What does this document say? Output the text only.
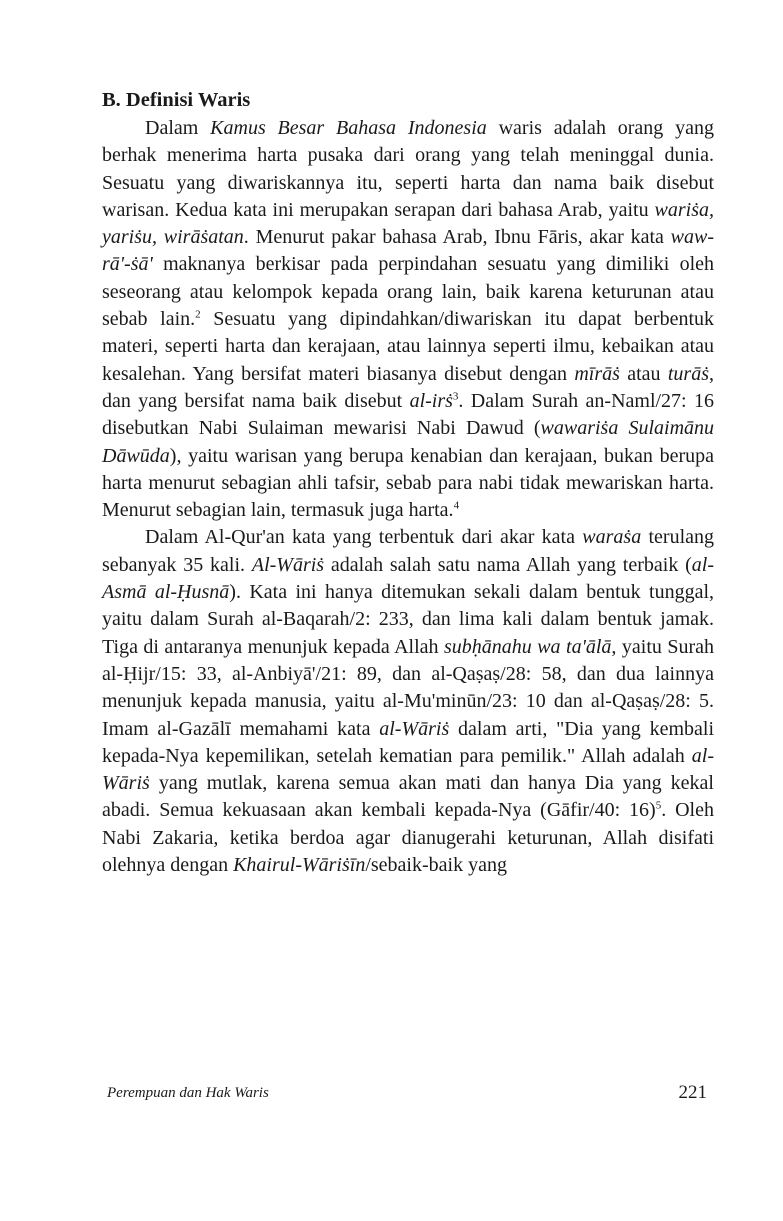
B. Definisi Waris

Dalam Kamus Besar Bahasa Indonesia waris adalah orang yang berhak menerima harta pusaka dari orang yang telah meninggal dunia. Sesuatu yang diwariskannya itu, seperti harta dan nama baik disebut warisan. Kedua kata ini merupakan serapan dari bahasa Arab, yaitu wariṡa, yariṡu, wirāṡatan. Menurut pakar bahasa Arab, Ibnu Fāris, akar kata waw-rā'-ṡā' maknanya berkisar pada perpindahan sesuatu yang dimiliki oleh seseorang atau kelompok kepada orang lain, baik karena keturunan atau sebab lain.$^2$ Sesuatu yang dipindahkan/diwariskan itu dapat berbentuk materi, seperti harta dan kerajaan, atau lainnya seperti ilmu, kebaikan atau kesalehan. Yang bersifat materi biasanya disebut dengan mīrāṡ atau turāṡ, dan yang bersifat nama baik disebut al-irṡ$^3$. Dalam Surah an-Naml/27: 16 disebutkan Nabi Sulaiman mewarisi Nabi Dawud (wawariṡa Sulaimānu Dāwūda), yaitu warisan yang berupa kenabian dan kerajaan, bukan berupa harta menurut sebagian ahli tafsir, sebab para nabi tidak mewariskan harta. Menurut sebagian lain, termasuk juga harta.$^4$

Dalam Al-Qur'an kata yang terbentuk dari akar kata waraṡa terulang sebanyak 35 kali. Al-Wāriṡ adalah salah satu nama Allah yang terbaik (al-Asmā al-Ḥusnā). Kata ini hanya ditemukan sekali dalam bentuk tunggal, yaitu dalam Surah al-Baqarah/2: 233, dan lima kali dalam bentuk jamak. Tiga di antaranya menunjuk kepada Allah subḥānahu wa ta'ālā, yaitu Surah al-Ḥijr/15: 33, al-Anbiyā'/21: 89, dan al-Qaṣaṣ/28: 58, dan dua lainnya menunjuk kepada manusia, yaitu al-Mu'minūn/23: 10 dan al-Qaṣaṣ/28: 5. Imam al-Gazālī memahami kata al-Wāriṡ dalam arti, "Dia yang kembali kepada-Nya kepemilikan, setelah kematian para pemilik." Allah adalah al-Wāriṡ yang mutlak, karena semua akan mati dan hanya Dia yang kekal abadi. Semua kekuasaan akan kembali kepada-Nya (Gāfir/40: 16)$^5$. Oleh Nabi Zakaria, ketika berdoa agar dianugerahi keturunan, Allah disifati olehnya dengan Khairul-Wāriṡīn/sebaik-baik yang

Perempuan dan Hak Waris	221
